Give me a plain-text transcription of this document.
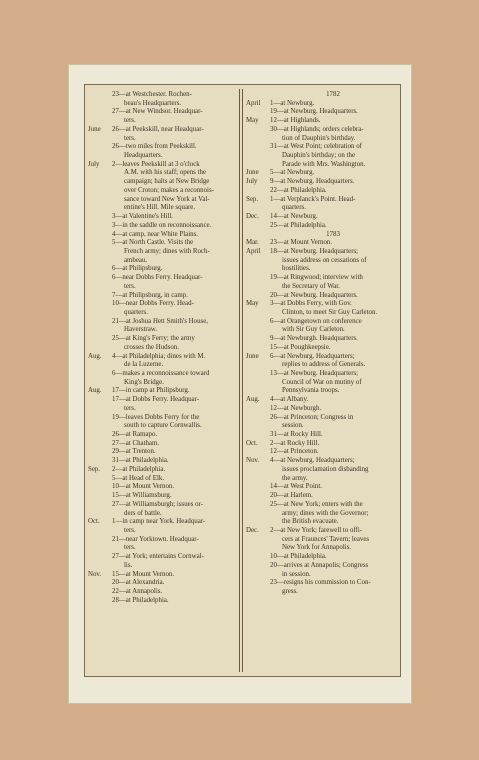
23—at Westchester. Rochen-
beau's Headquarters.
27—at New Windsor. Headquar-
ters.
June	26—at Peekskill, near Headquar-
ters.
26—two miles from Peekskill.
Headquarters.
July	2—leaves Peekskill at 3 o'clock
A.M. with his staff; opens the
campaign; halts at New Bridge
over Croton; makes a reconnois-
sance toward New York at Val-
entine's Hill. Mile square.
3—at Valentine's Hill.
3—in the saddle on reconnoissance.
4—at camp, near White Plains.
5—at North Castle. Visits the
French army; dines with Roch-
ambeau.
6—at Philipsburg.
6—near Dobbs Ferry. Headquar-
ters.
7—at Philipsburg, in camp.
10—near Dobbs Ferry. Head-
quarters.
21—at Joshua Hett Smith's House,
Haverstraw.
25—at King's Ferry; the army
crosses the Hudson.
Aug.	4—at Philadelphia; dines with M.
de la Luzerne.
6—makes a reconnoissance toward
King's Bridge.
Aug.	17—in camp at Philipsburg.
17—at Dobbs Ferry. Headquar-
ters.
19—leaves Dobbs Ferry for the
south to capture Cornwallis.
26—at Ramapo.
27—at Chatham.
29—at Trenton.
31—at Philadelphia.
Sep.	2—at Philadelphia.
5—at Head of Elk.
10—at Mount Vernon.
15—at Williamsburg.
27—at Williamsburgh; issues or-
ders of battle.
Oct.	1—in camp near York. Headquar-
ters.
21—near Yorktown. Headquar-
ters.
27—at York; entertains Cornwal-
lis.
Nov.	15—at Mount Vernon.
20—at Alexandria.
22—at Annapolis.
28—at Philadelphia.
1782
April	1—at Newburg.
19—at Newburg. Headquarters.
May	12—at Highlands.
30—at Highlands; orders celebra-
tion of Dauphin's birthday.
31—at West Point; celebration of
Dauphin's birthday; on the
Parade with Mrs. Washington.
June	5—at Newburg.
July	9—at Newburg. Headquarters.
22—at Philadelphia.
Sep.	1—at Verplanck's Point. Head-
quarters.
Dec.	14—at Newburg.
25—at Philadelphia.
1783
Mar.	23—at Mount Vernon.
April	18—at Newburg. Headquarters;
issues address on cessations of
hostilities.
19—at Ringwood; interview with
the Secretary of War.
20—at Newburg. Headquarters.
May	3—at Dobbs Ferry, with Gov.
Clinton, to meet Sir Guy Carleton.
6—at Orangetown on conference
with Sir Guy Carleton.
9—at Newburgh. Headquarters.
15—at Poughkeepsie.
June	6—at Newburg. Headquarters;
replies to address of Generals.
13—at Newburg. Headquarters;
Council of War on mutiny of
Pennsylvania troops.
Aug.	4—at Albany.
12—at Newburgh.
26—at Princeton; Congress in
session.
31—at Rocky Hill.
Oct.	2—at Rocky Hill.
12—at Princeton.
Nov.	4—at Newburg. Headquarters;
issues proclamation disbanding
the army.
14—at West Point.
20—at Harlem.
25—at New York; enters with the
army; dines with the Governor;
the British evacuate.
Dec.	2—at New York; farewell to offi-
cers at Fraunces' Tavern; leaves
New York for Annapolis.
10—at Philadelphia.
20—arrives at Annapolis; Congress
in session.
23—resigns his commission to Con-
gress.
